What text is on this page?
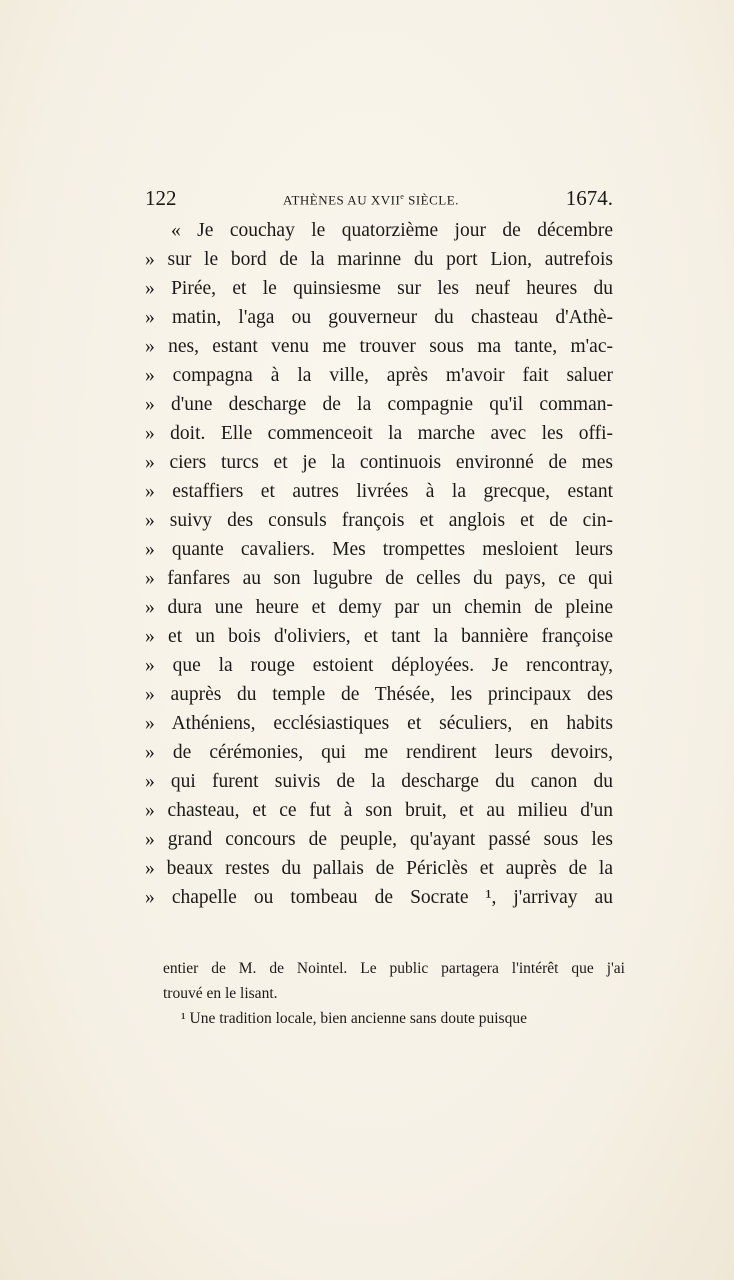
122	ATHÈNES AU XVIIe SIÈCLE.	1674.
« Je couchay le quatorzième jour de décembre
» sur le bord de la marinne du port Lion, autrefois
» Pirée, et le quinsiesme sur les neuf heures du
» matin, l'aga ou gouverneur du chasteau d'Athè-
» nes, estant venu me trouver sous ma tante, m'ac-
» compagna à la ville, après m'avoir fait saluer
» d'une descharge de la compagnie qu'il comman-
» doit. Elle commenceoit la marche avec les offi-
» ciers turcs et je la continuois environné de mes
» estaffiers et autres livrées à la grecque, estant
» suivy des consuls françois et anglois et de cin-
» quante cavaliers. Mes trompettes mesloient leurs
» fanfares au son lugubre de celles du pays, ce qui
» dura une heure et demy par un chemin de pleine
» et un bois d'oliviers, et tant la bannière françoise
» que la rouge estoient déployées. Je rencontray,
» auprès du temple de Thésée, les principaux des
» Athéniens, ecclésiastiques et séculiers, en habits
» de cérémonies, qui me rendirent leurs devoirs,
» qui furent suivis de la descharge du canon du
» chasteau, et ce fut à son bruit, et au milieu d'un
» grand concours de peuple, qu'ayant passé sous les
» beaux restes du pallais de Périclès et auprès de la
» chapelle ou tombeau de Socrate ¹, j'arrivay au
entier de M. de Nointel. Le public partagera l'intérêt que j'ai
trouvé en le lisant.
¹ Une tradition locale, bien ancienne sans doute puisque
